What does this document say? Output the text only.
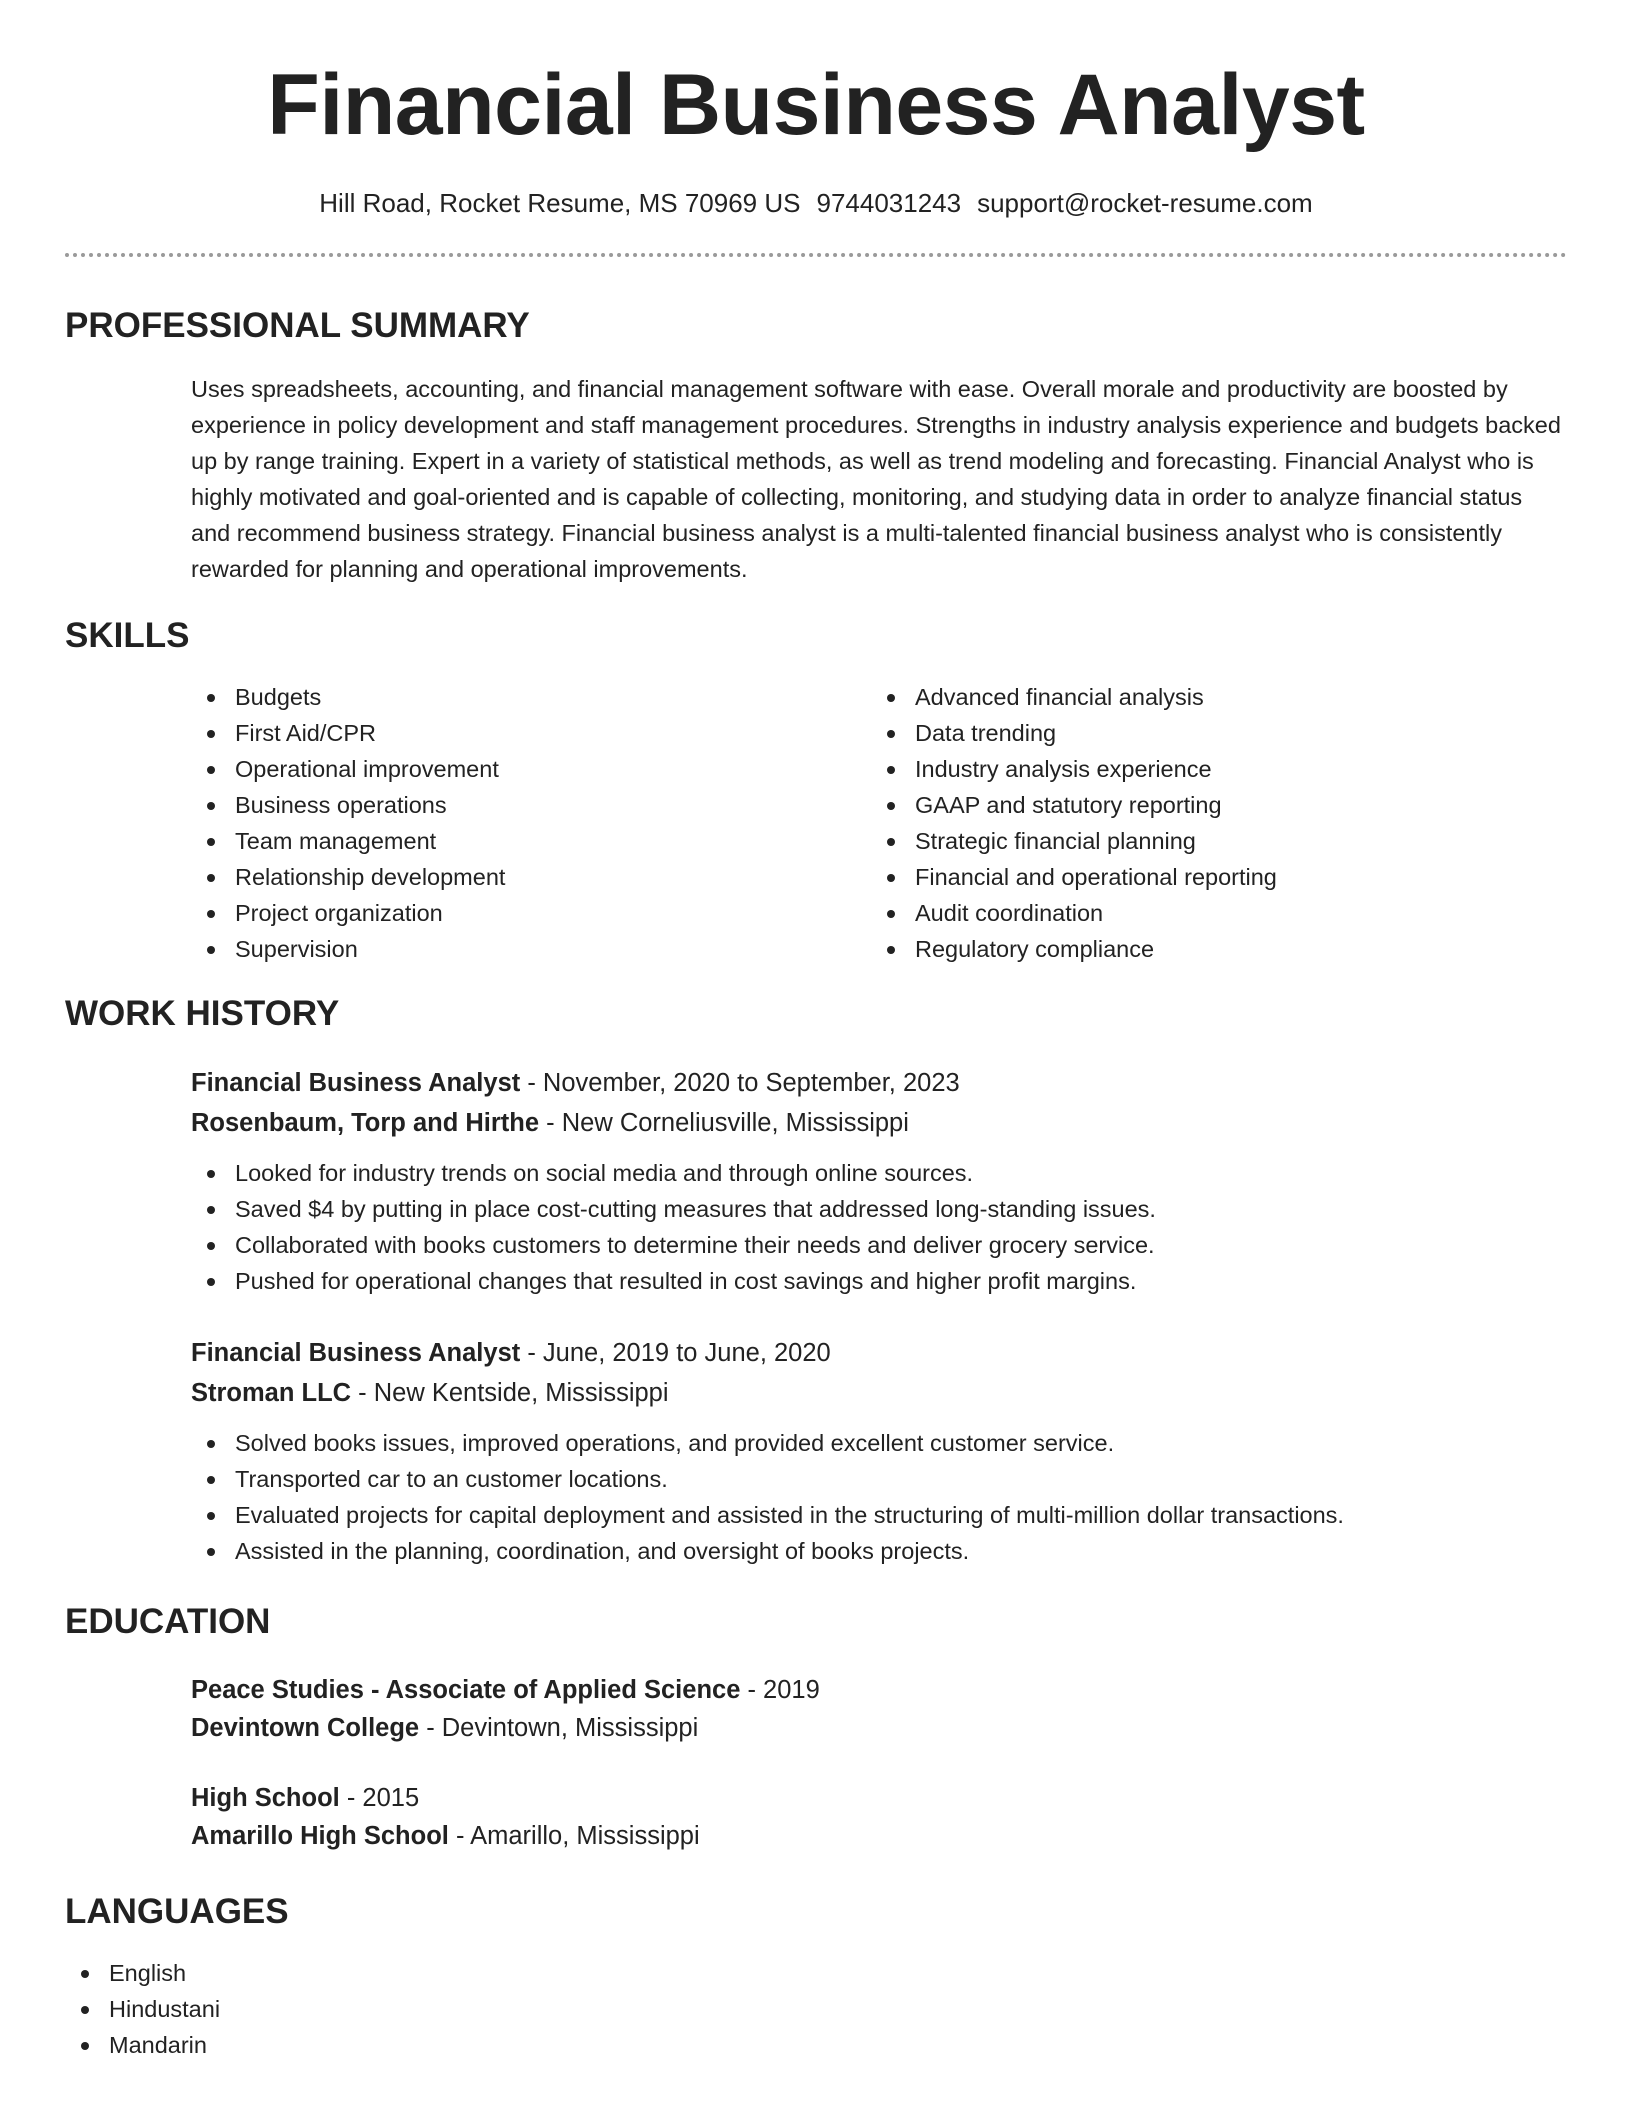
Financial Business Analyst
Hill Road, Rocket Resume, MS 70969 US 9744031243 support@rocket-resume.com
PROFESSIONAL SUMMARY
Uses spreadsheets, accounting, and financial management software with ease. Overall morale and productivity are boosted by experience in policy development and staff management procedures. Strengths in industry analysis experience and budgets backed up by range training. Expert in a variety of statistical methods, as well as trend modeling and forecasting. Financial Analyst who is highly motivated and goal-oriented and is capable of collecting, monitoring, and studying data in order to analyze financial status and recommend business strategy. Financial business analyst is a multi-talented financial business analyst who is consistently rewarded for planning and operational improvements.
SKILLS
Budgets
First Aid/CPR
Operational improvement
Business operations
Team management
Relationship development
Project organization
Supervision
Advanced financial analysis
Data trending
Industry analysis experience
GAAP and statutory reporting
Strategic financial planning
Financial and operational reporting
Audit coordination
Regulatory compliance
WORK HISTORY
Financial Business Analyst - November, 2020 to September, 2023
Rosenbaum, Torp and Hirthe - New Corneliusville, Mississippi
Looked for industry trends on social media and through online sources.
Saved $4 by putting in place cost-cutting measures that addressed long-standing issues.
Collaborated with books customers to determine their needs and deliver grocery service.
Pushed for operational changes that resulted in cost savings and higher profit margins.
Financial Business Analyst - June, 2019 to June, 2020
Stroman LLC - New Kentside, Mississippi
Solved books issues, improved operations, and provided excellent customer service.
Transported car to an customer locations.
Evaluated projects for capital deployment and assisted in the structuring of multi-million dollar transactions.
Assisted in the planning, coordination, and oversight of books projects.
EDUCATION
Peace Studies - Associate of Applied Science - 2019
Devintown College - Devintown, Mississippi
High School - 2015
Amarillo High School - Amarillo, Mississippi
LANGUAGES
English
Hindustani
Mandarin
